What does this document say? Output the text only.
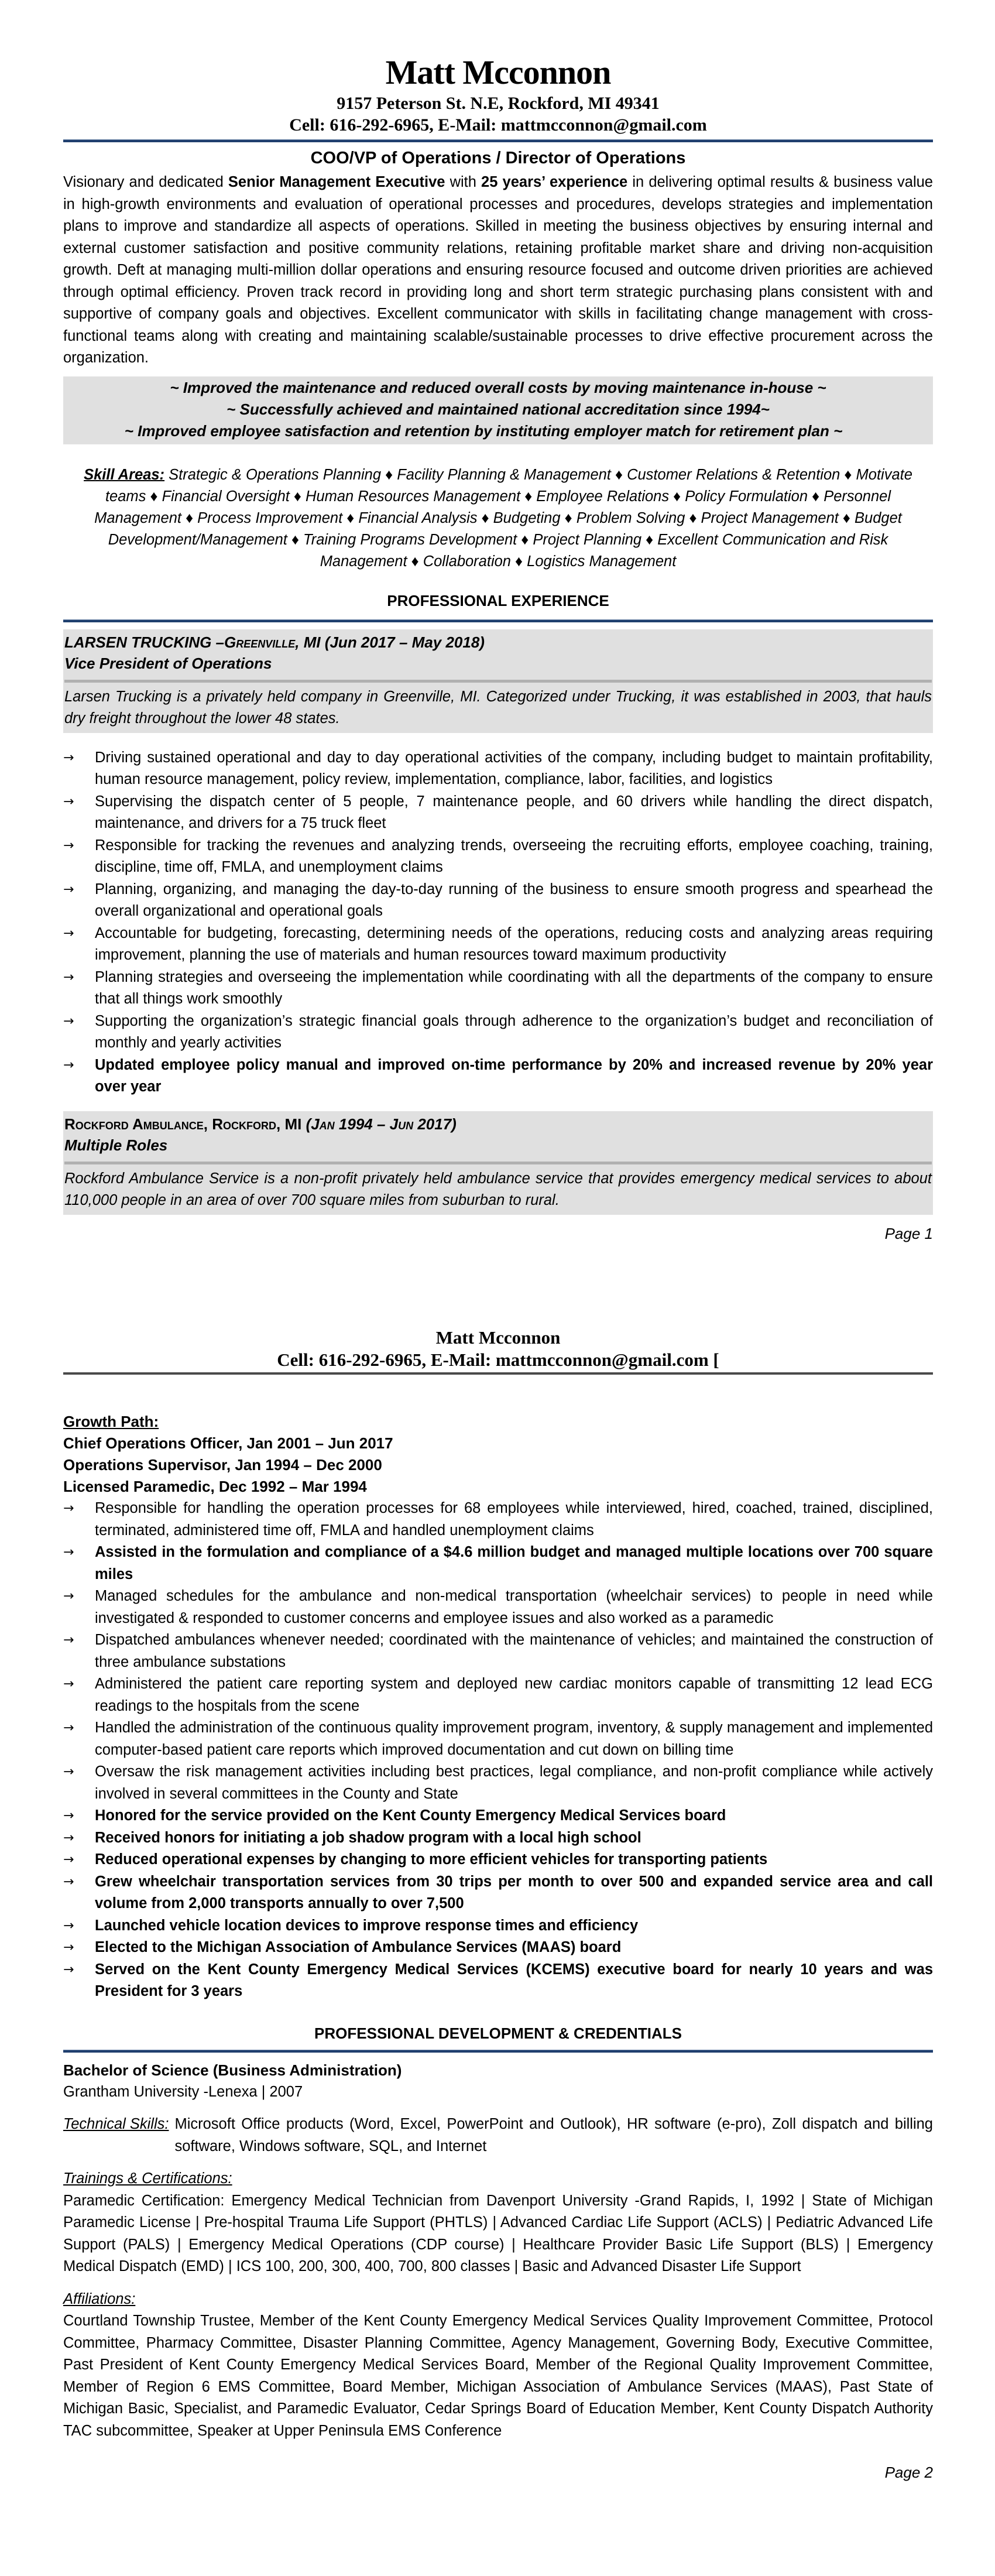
Matt Mcconnon
9157 Peterson St. N.E, Rockford, MI 49341
Cell: 616-292-6965, E-Mail: mattmcconnon@gmail.com
COO/VP of Operations / Director of Operations

Visionary and dedicated Senior Management Executive with 25 years’ experience in delivering optimal results & business value in high-growth environments and evaluation of operational processes and procedures, develops strategies and implementation plans to improve and standardize all aspects of operations. Skilled in meeting the business objectives by ensuring internal and external customer satisfaction and positive community relations, retaining profitable market share and driving non-acquisition growth. Deft at managing multi-million dollar operations and ensuring resource focused and outcome driven priorities are achieved through optimal efficiency. Proven track record in providing long and short term strategic purchasing plans consistent with and supportive of company goals and objectives. Excellent communicator with skills in facilitating change management with cross-functional teams along with creating and maintaining scalable/sustainable processes to drive effective procurement across the organization.

~ Improved the maintenance and reduced overall costs by moving maintenance in-house ~
~ Successfully achieved and maintained national accreditation since 1994~
~ Improved employee satisfaction and retention by instituting employer match for retirement plan ~

Skill Areas: Strategic & Operations Planning ♦ Facility Planning & Management ♦ Customer Relations & Retention ♦ Motivate teams ♦ Financial Oversight ♦ Human Resources Management ♦ Employee Relations ♦ Policy Formulation ♦ Personnel Management ♦ Process Improvement ♦ Financial Analysis ♦ Budgeting ♦ Problem Solving ♦ Project Management ♦ Budget Development/Management ♦ Training Programs Development ♦ Project Planning ♦ Excellent Communication and Risk Management ♦ Collaboration ♦ Logistics Management

PROFESSIONAL EXPERIENCE
LARSEN TRUCKING –Greenville, MI (Jun 2017 – May 2018)
Vice President of Operations

Larsen Trucking is a privately held company in Greenville, MI. Categorized under Trucking, it was established in 2003, that hauls dry freight throughout the lower 48 states.

→ Driving sustained operational and day to day operational activities of the company, including budget to maintain profitability, human resource management, policy review, implementation, compliance, labor, facilities, and logistics
→ Supervising the dispatch center of 5 people, 7 maintenance people, and 60 drivers while handling the direct dispatch, maintenance, and drivers for a 75 truck fleet
→ Responsible for tracking the revenues and analyzing trends, overseeing the recruiting efforts, employee coaching, training, discipline, time off, FMLA, and unemployment claims
→ Planning, organizing, and managing the day-to-day running of the business to ensure smooth progress and spearhead the overall organizational and operational goals
→ Accountable for budgeting, forecasting, determining needs of the operations, reducing costs and analyzing areas requiring improvement, planning the use of materials and human resources toward maximum productivity
→ Planning strategies and overseeing the implementation while coordinating with all the departments of the company to ensure that all things work smoothly
→ Supporting the organization’s strategic financial goals through adherence to the organization’s budget and reconciliation of monthly and yearly activities
→ Updated employee policy manual and improved on-time performance by 20% and increased revenue by 20% year over year
Rockford Ambulance, Rockford, MI (Jan 1994 – Jun 2017)
Multiple Roles

Rockford Ambulance Service is a non-profit privately held ambulance service that provides emergency medical services to about 110,000 people in an area of over 700 square miles from suburban to rural.

Page 1
Matt Mcconnon
Cell: 616-292-6965, E-Mail: mattmcconnon@gmail.com [
Growth Path:
Chief Operations Officer, Jan 2001 – Jun 2017
Operations Supervisor, Jan 1994 – Dec 2000
Licensed Paramedic, Dec 1992 – Mar 1994
→ Responsible for handling the operation processes for 68 employees while interviewed, hired, coached, trained, disciplined, terminated, administered time off, FMLA and handled unemployment claims
→ Assisted in the formulation and compliance of a $4.6 million budget and managed multiple locations over 700 square miles
→ Managed schedules for the ambulance and non-medical transportation (wheelchair services) to people in need while investigated & responded to customer concerns and employee issues and also worked as a paramedic
→ Dispatched ambulances whenever needed; coordinated with the maintenance of vehicles; and maintained the construction of three ambulance substations
→ Administered the patient care reporting system and deployed new cardiac monitors capable of transmitting 12 lead ECG readings to the hospitals from the scene
→ Handled the administration of the continuous quality improvement program, inventory, & supply management and implemented computer-based patient care reports which improved documentation and cut down on billing time
→ Oversaw the risk management activities including best practices, legal compliance, and non-profit compliance while actively involved in several committees in the County and State
→ Honored for the service provided on the Kent County Emergency Medical Services board
→ Received honors for initiating a job shadow program with a local high school
→ Reduced operational expenses by changing to more efficient vehicles for transporting patients
→ Grew wheelchair transportation services from 30 trips per month to over 500 and expanded service area and call volume from 2,000 transports annually to over 7,500
→ Launched vehicle location devices to improve response times and efficiency
→ Elected to the Michigan Association of Ambulance Services (MAAS) board
→ Served on the Kent County Emergency Medical Services (KCEMS) executive board for nearly 10 years and was President for 3 years
PROFESSIONAL DEVELOPMENT & CREDENTIALS
Bachelor of Science (Business Administration)
Grantham University -Lenexa | 2007
Technical Skills: Microsoft Office products (Word, Excel, PowerPoint and Outlook), HR software (e-pro), Zoll dispatch and billing software, Windows software, SQL, and Internet
Trainings & Certifications:

Paramedic Certification: Emergency Medical Technician from Davenport University -Grand Rapids, I, 1992 | State of Michigan Paramedic License | Pre-hospital Trauma Life Support (PHTLS) | Advanced Cardiac Life Support (ACLS) | Pediatric Advanced Life Support (PALS) | Emergency Medical Operations (CDP course) | Healthcare Provider Basic Life Support (BLS) | Emergency Medical Dispatch (EMD) | ICS 100, 200, 300, 400, 700, 800 classes | Basic and Advanced Disaster Life Support

Affiliations:

Courtland Township Trustee, Member of the Kent County Emergency Medical Services Quality Improvement Committee, Protocol Committee, Pharmacy Committee, Disaster Planning Committee, Agency Management, Governing Body, Executive Committee, Past President of Kent County Emergency Medical Services Board, Member of the Regional Quality Improvement Committee, Member of Region 6 EMS Committee, Board Member, Michigan Association of Ambulance Services (MAAS), Past State of Michigan Basic, Specialist, and Paramedic Evaluator, Cedar Springs Board of Education Member, Kent County Dispatch Authority TAC subcommittee, Speaker at Upper Peninsula EMS Conference

Page 2
